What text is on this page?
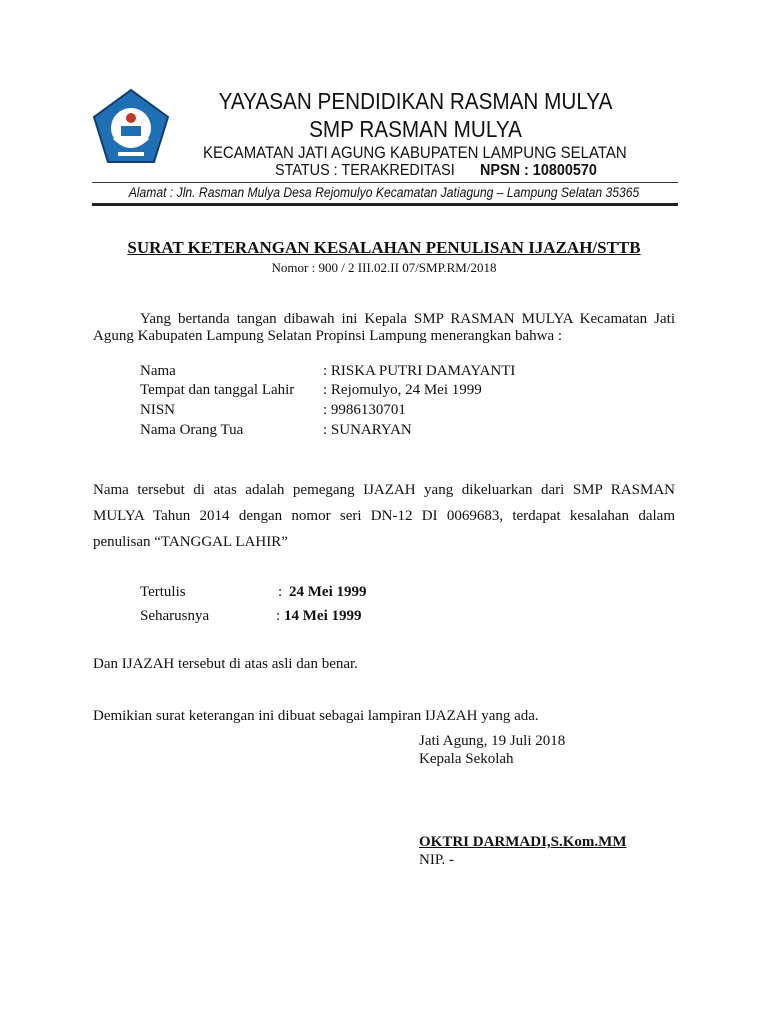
YAYASAN PENDIDIKAN RASMAN MULYA
SMP RASMAN MULYA
KECAMATAN JATI AGUNG KABUPATEN LAMPUNG SELATAN
STATUS : TERAKREDITASI NPSN : 10800570
Alamat : Jln. Rasman Mulya Desa Rejomulyo Kecamatan Jatiagung – Lampung Selatan 35365
SURAT KETERANGAN KESALAHAN PENULISAN IJAZAH/STTB
Nomor : 900 / 2 III.02.II 07/SMP.RM/2018
Yang bertanda tangan dibawah ini Kepala SMP RASMAN MULYA Kecamatan Jati
Agung Kabupaten Lampung Selatan Propinsi Lampung menerangkan bahwa :
Nama	: RISKA PUTRI DAMAYANTI
Tempat dan tanggal Lahir : Rejomulyo, 24 Mei 1999
NISN	: 9986130701
Nama Orang Tua	: SUNARYAN
Nama tersebut di atas adalah pemegang IJAZAH yang dikeluarkan dari SMP RASMAN
MULYA Tahun 2014 dengan nomor seri DN-12 DI 0069683, terdapat kesalahan dalam
penulisan “TANGGAL LAHIR”
Tertulis	: 24 Mei 1999
Seharusnya	: 14 Mei 1999
Dan IJAZAH tersebut di atas asli dan benar.
Demikian surat keterangan ini dibuat sebagai lampiran IJAZAH yang ada.
Jati Agung, 19 Juli 2018
Kepala Sekolah
OKTRI DARMADI,S.Kom.MM
NIP. -
